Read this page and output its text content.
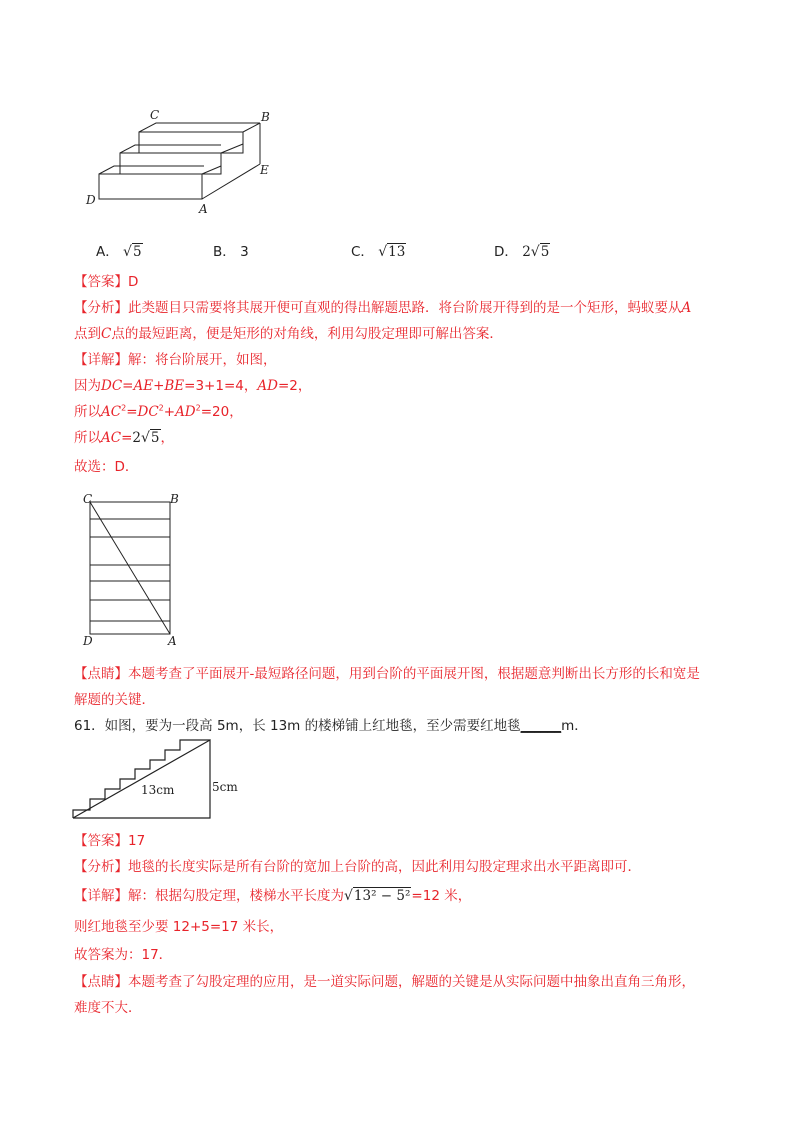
C	B
E
D
A
A． √5	B． 3	C． √13	D． 2√5
【答案】D
【分析】此类题目只需要将其展开便可直观的得出解题思路．将台阶展开得到的是一个矩形，蚂蚁要从A
点到C点的最短距离，便是矩形的对角线，利用勾股定理即可解出答案．
【详解】解：将台阶展开，如图，
因为DC=AE+BE=3+1=4，AD=2，
所以$AC^2=DC^2+AD^2=20$，
所以AC=2√5，
故选：D．
C	B
D	A
【点睛】本题考查了平面展开-最短路径问题，用到台阶的平面展开图，根据题意判断出长方形的长和宽是
解题的关键．
61．如图，要为一段高 5m，长 13m 的楼梯铺上红地毯，至少需要红地毯______m．
13cm	5cm
【答案】17
【分析】地毯的长度实际是所有台阶的宽加上台阶的高，因此利用勾股定理求出水平距离即可．
【详解】解：根据勾股定理，楼梯水平长度为√13² − 5²=12 米，
则红地毯至少要 12+5=17 米长，
故答案为：17．
【点睛】本题考查了勾股定理的应用，是一道实际问题，解题的关键是从实际问题中抽象出直角三角形，
难度不大．
